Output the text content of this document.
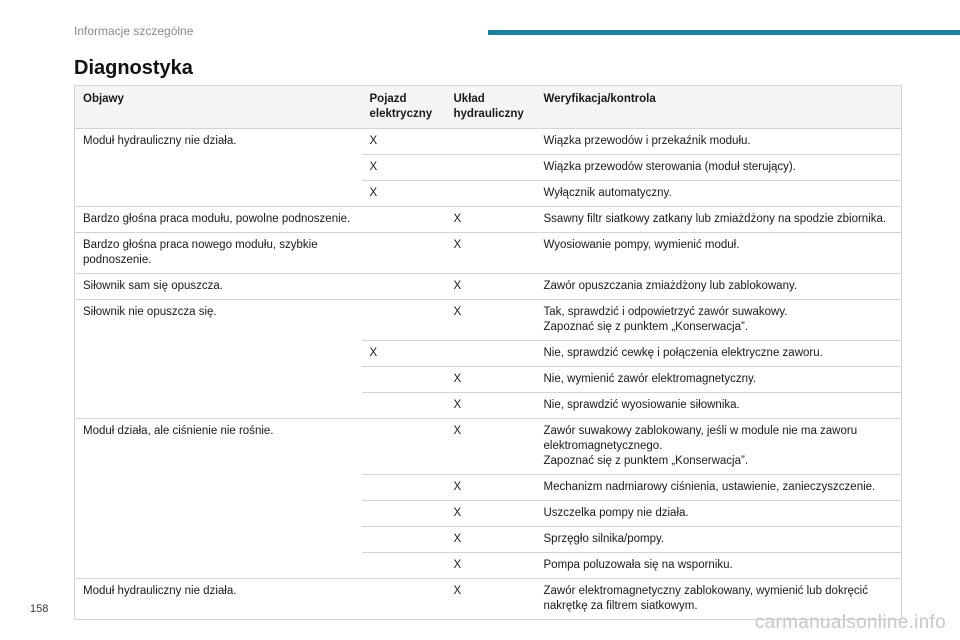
Informacje szczególne
Diagnostyka
Objawy	Pojazd elektryczny	Układ hydrauliczny	Weryfikacja/kontrola
Moduł hydrauliczny nie działa.	X		Wiązka przewodów i przekaźnik modułu.
	X		Wiązka przewodów sterowania (moduł sterujący).
	X		Wyłącznik automatyczny.
Bardzo głośna praca modułu, powolne podnoszenie.		X	Ssawny filtr siatkowy zatkany lub zmiażdżony na spodzie zbiornika.
Bardzo głośna praca nowego modułu, szybkie podnoszenie.		X	Wyosiowanie pompy, wymienić moduł.
Siłownik sam się opuszcza.		X	Zawór opuszczania zmiażdżony lub zablokowany.
Siłownik nie opuszcza się.		X	Tak, sprawdzić i odpowietrzyć zawór suwakowy.
Zapoznać się z punktem „Konserwacja”.
	X		Nie, sprawdzić cewkę i połączenia elektryczne zaworu.
		X	Nie, wymienić zawór elektromagnetyczny.
		X	Nie, sprawdzić wyosiowanie siłownika.
Moduł działa, ale ciśnienie nie rośnie.		X	Zawór suwakowy zablokowany, jeśli w module nie ma zaworu elektromagnetycznego.
Zapoznać się z punktem „Konserwacja”.
		X	Mechanizm nadmiarowy ciśnienia, ustawienie, zanieczyszczenie.
		X	Uszczelka pompy nie działa.
		X	Sprzęgło silnika/pompy.
		X	Pompa poluzowała się na wsporniku.
Moduł hydrauliczny nie działa.		X	Zawór elektromagnetyczny zablokowany, wymienić lub dokręcić nakrętkę za filtrem siatkowym.
158
carmanualsonline.info
